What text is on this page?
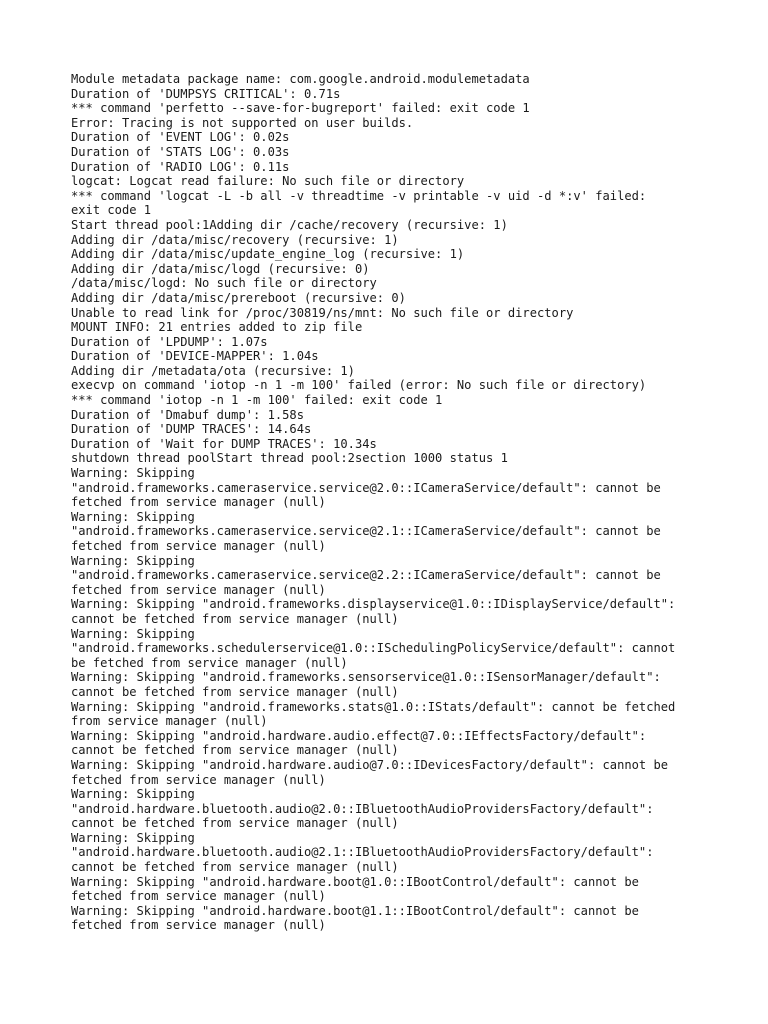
Module metadata package name: com.google.android.modulemetadata
Duration of 'DUMPSYS CRITICAL': 0.71s
*** command 'perfetto --save-for-bugreport' failed: exit code 1
Error: Tracing is not supported on user builds.
Duration of 'EVENT LOG': 0.02s
Duration of 'STATS LOG': 0.03s
Duration of 'RADIO LOG': 0.11s
logcat: Logcat read failure: No such file or directory
*** command 'logcat -L -b all -v threadtime -v printable -v uid -d *:v' failed:
exit code 1
Start thread pool:1Adding dir /cache/recovery (recursive: 1)
Adding dir /data/misc/recovery (recursive: 1)
Adding dir /data/misc/update_engine_log (recursive: 1)
Adding dir /data/misc/logd (recursive: 0)
/data/misc/logd: No such file or directory
Adding dir /data/misc/prereboot (recursive: 0)
Unable to read link for /proc/30819/ns/mnt: No such file or directory
MOUNT INFO: 21 entries added to zip file
Duration of 'LPDUMP': 1.07s
Duration of 'DEVICE-MAPPER': 1.04s
Adding dir /metadata/ota (recursive: 1)
execvp on command 'iotop -n 1 -m 100' failed (error: No such file or directory)
*** command 'iotop -n 1 -m 100' failed: exit code 1
Duration of 'Dmabuf dump': 1.58s
Duration of 'DUMP TRACES': 14.64s
Duration of 'Wait for DUMP TRACES': 10.34s
shutdown thread poolStart thread pool:2section 1000 status 1
Warning: Skipping
"android.frameworks.cameraservice.service@2.0::ICameraService/default": cannot be
fetched from service manager (null)
Warning: Skipping
"android.frameworks.cameraservice.service@2.1::ICameraService/default": cannot be
fetched from service manager (null)
Warning: Skipping
"android.frameworks.cameraservice.service@2.2::ICameraService/default": cannot be
fetched from service manager (null)
Warning: Skipping "android.frameworks.displayservice@1.0::IDisplayService/default":
cannot be fetched from service manager (null)
Warning: Skipping
"android.frameworks.schedulerservice@1.0::ISchedulingPolicyService/default": cannot
be fetched from service manager (null)
Warning: Skipping "android.frameworks.sensorservice@1.0::ISensorManager/default":
cannot be fetched from service manager (null)
Warning: Skipping "android.frameworks.stats@1.0::IStats/default": cannot be fetched
from service manager (null)
Warning: Skipping "android.hardware.audio.effect@7.0::IEffectsFactory/default":
cannot be fetched from service manager (null)
Warning: Skipping "android.hardware.audio@7.0::IDevicesFactory/default": cannot be
fetched from service manager (null)
Warning: Skipping
"android.hardware.bluetooth.audio@2.0::IBluetoothAudioProvidersFactory/default":
cannot be fetched from service manager (null)
Warning: Skipping
"android.hardware.bluetooth.audio@2.1::IBluetoothAudioProvidersFactory/default":
cannot be fetched from service manager (null)
Warning: Skipping "android.hardware.boot@1.0::IBootControl/default": cannot be
fetched from service manager (null)
Warning: Skipping "android.hardware.boot@1.1::IBootControl/default": cannot be
fetched from service manager (null)
